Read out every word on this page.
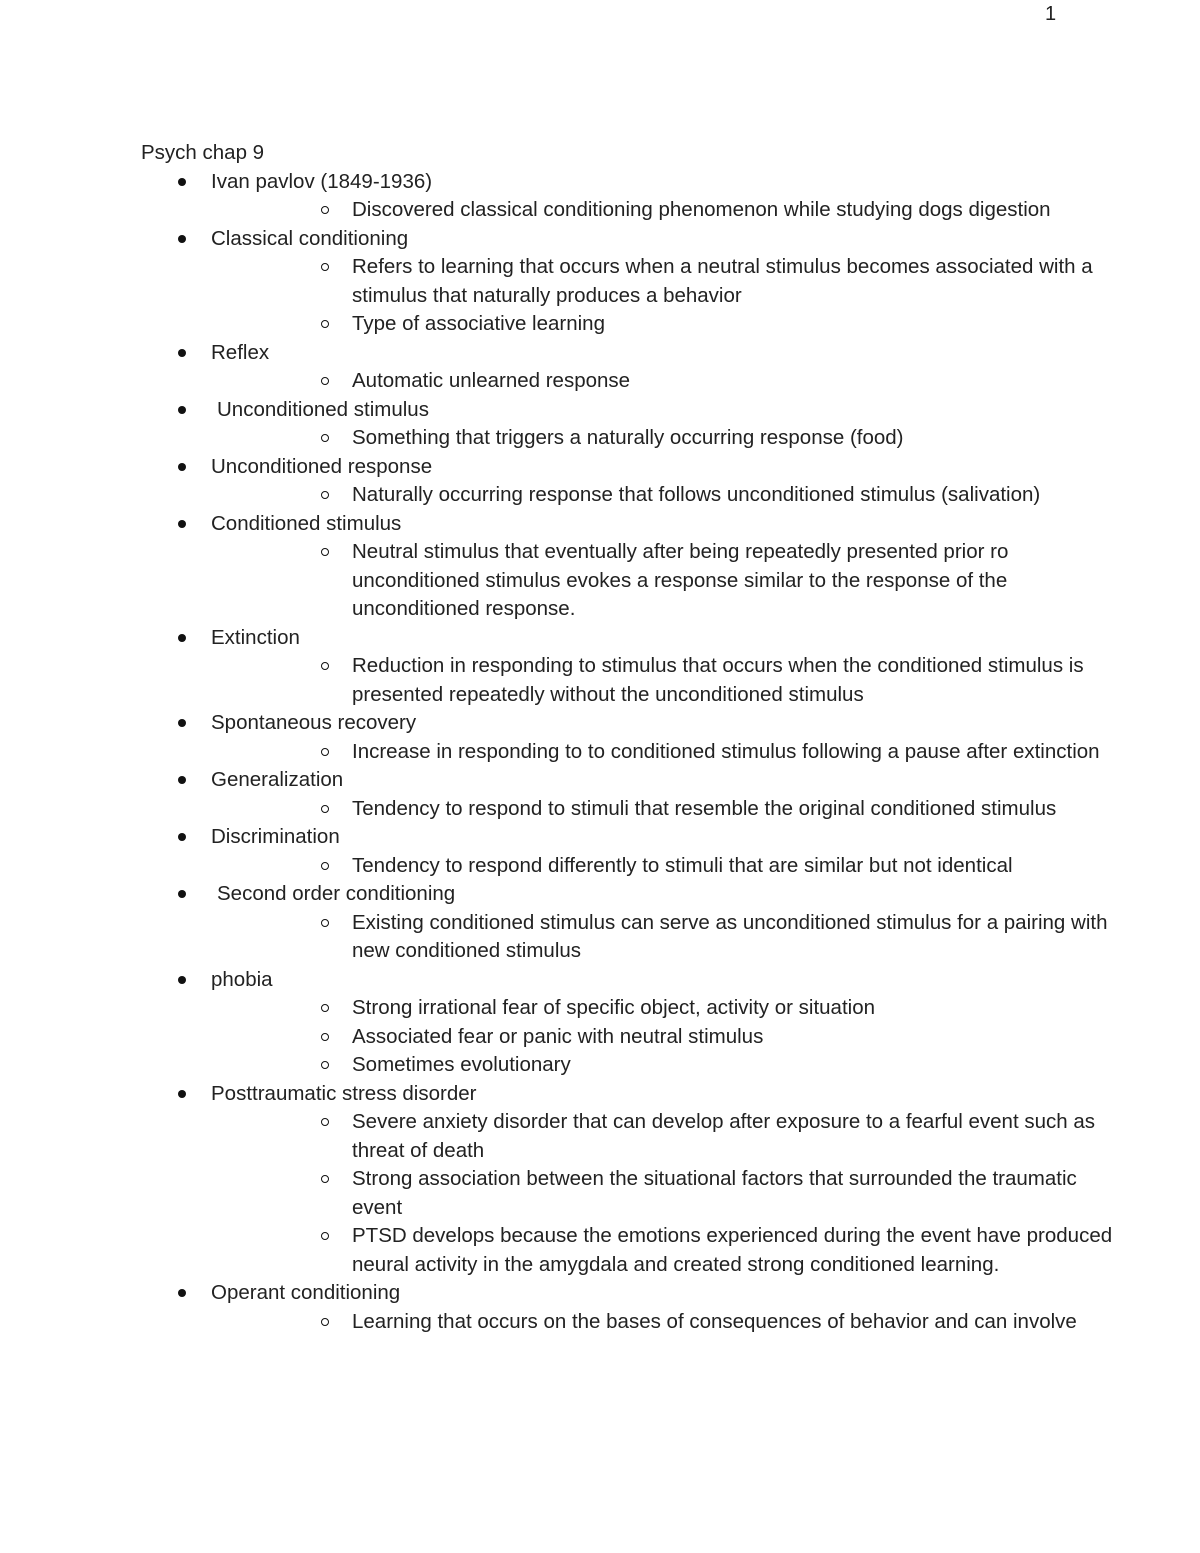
1
Psych chap 9
Ivan pavlov (1849-1936)
Discovered classical conditioning phenomenon while studying dogs digestion
Classical conditioning
Refers to learning that occurs when a neutral stimulus becomes associated with a stimulus that naturally produces a behavior
Type of associative learning
Reflex
Automatic unlearned response
Unconditioned stimulus
Something that triggers a naturally occurring response (food)
Unconditioned response
Naturally occurring response that follows unconditioned stimulus (salivation)
Conditioned stimulus
Neutral stimulus that eventually after being repeatedly presented prior ro unconditioned stimulus evokes a response similar to the response of the unconditioned response.
Extinction
Reduction in responding to stimulus that occurs when the conditioned stimulus is presented repeatedly without the unconditioned stimulus
Spontaneous recovery
Increase in responding to to conditioned stimulus following a pause after extinction
Generalization
Tendency to respond to stimuli that resemble the original conditioned stimulus
Discrimination
Tendency to respond differently to stimuli that are similar but not identical
Second order conditioning
Existing conditioned stimulus can serve as unconditioned stimulus for a pairing with new conditioned stimulus
phobia
Strong irrational fear of specific object, activity or situation
Associated fear or panic with neutral stimulus
Sometimes evolutionary
Posttraumatic stress disorder
Severe anxiety disorder that can develop after exposure to a fearful event such as threat of death
Strong association between the situational factors that surrounded the traumatic event
PTSD develops because the emotions experienced during the event have produced neural activity in the amygdala and created strong conditioned learning.
Operant conditioning
Learning that occurs on the bases of consequences of behavior and can involve
